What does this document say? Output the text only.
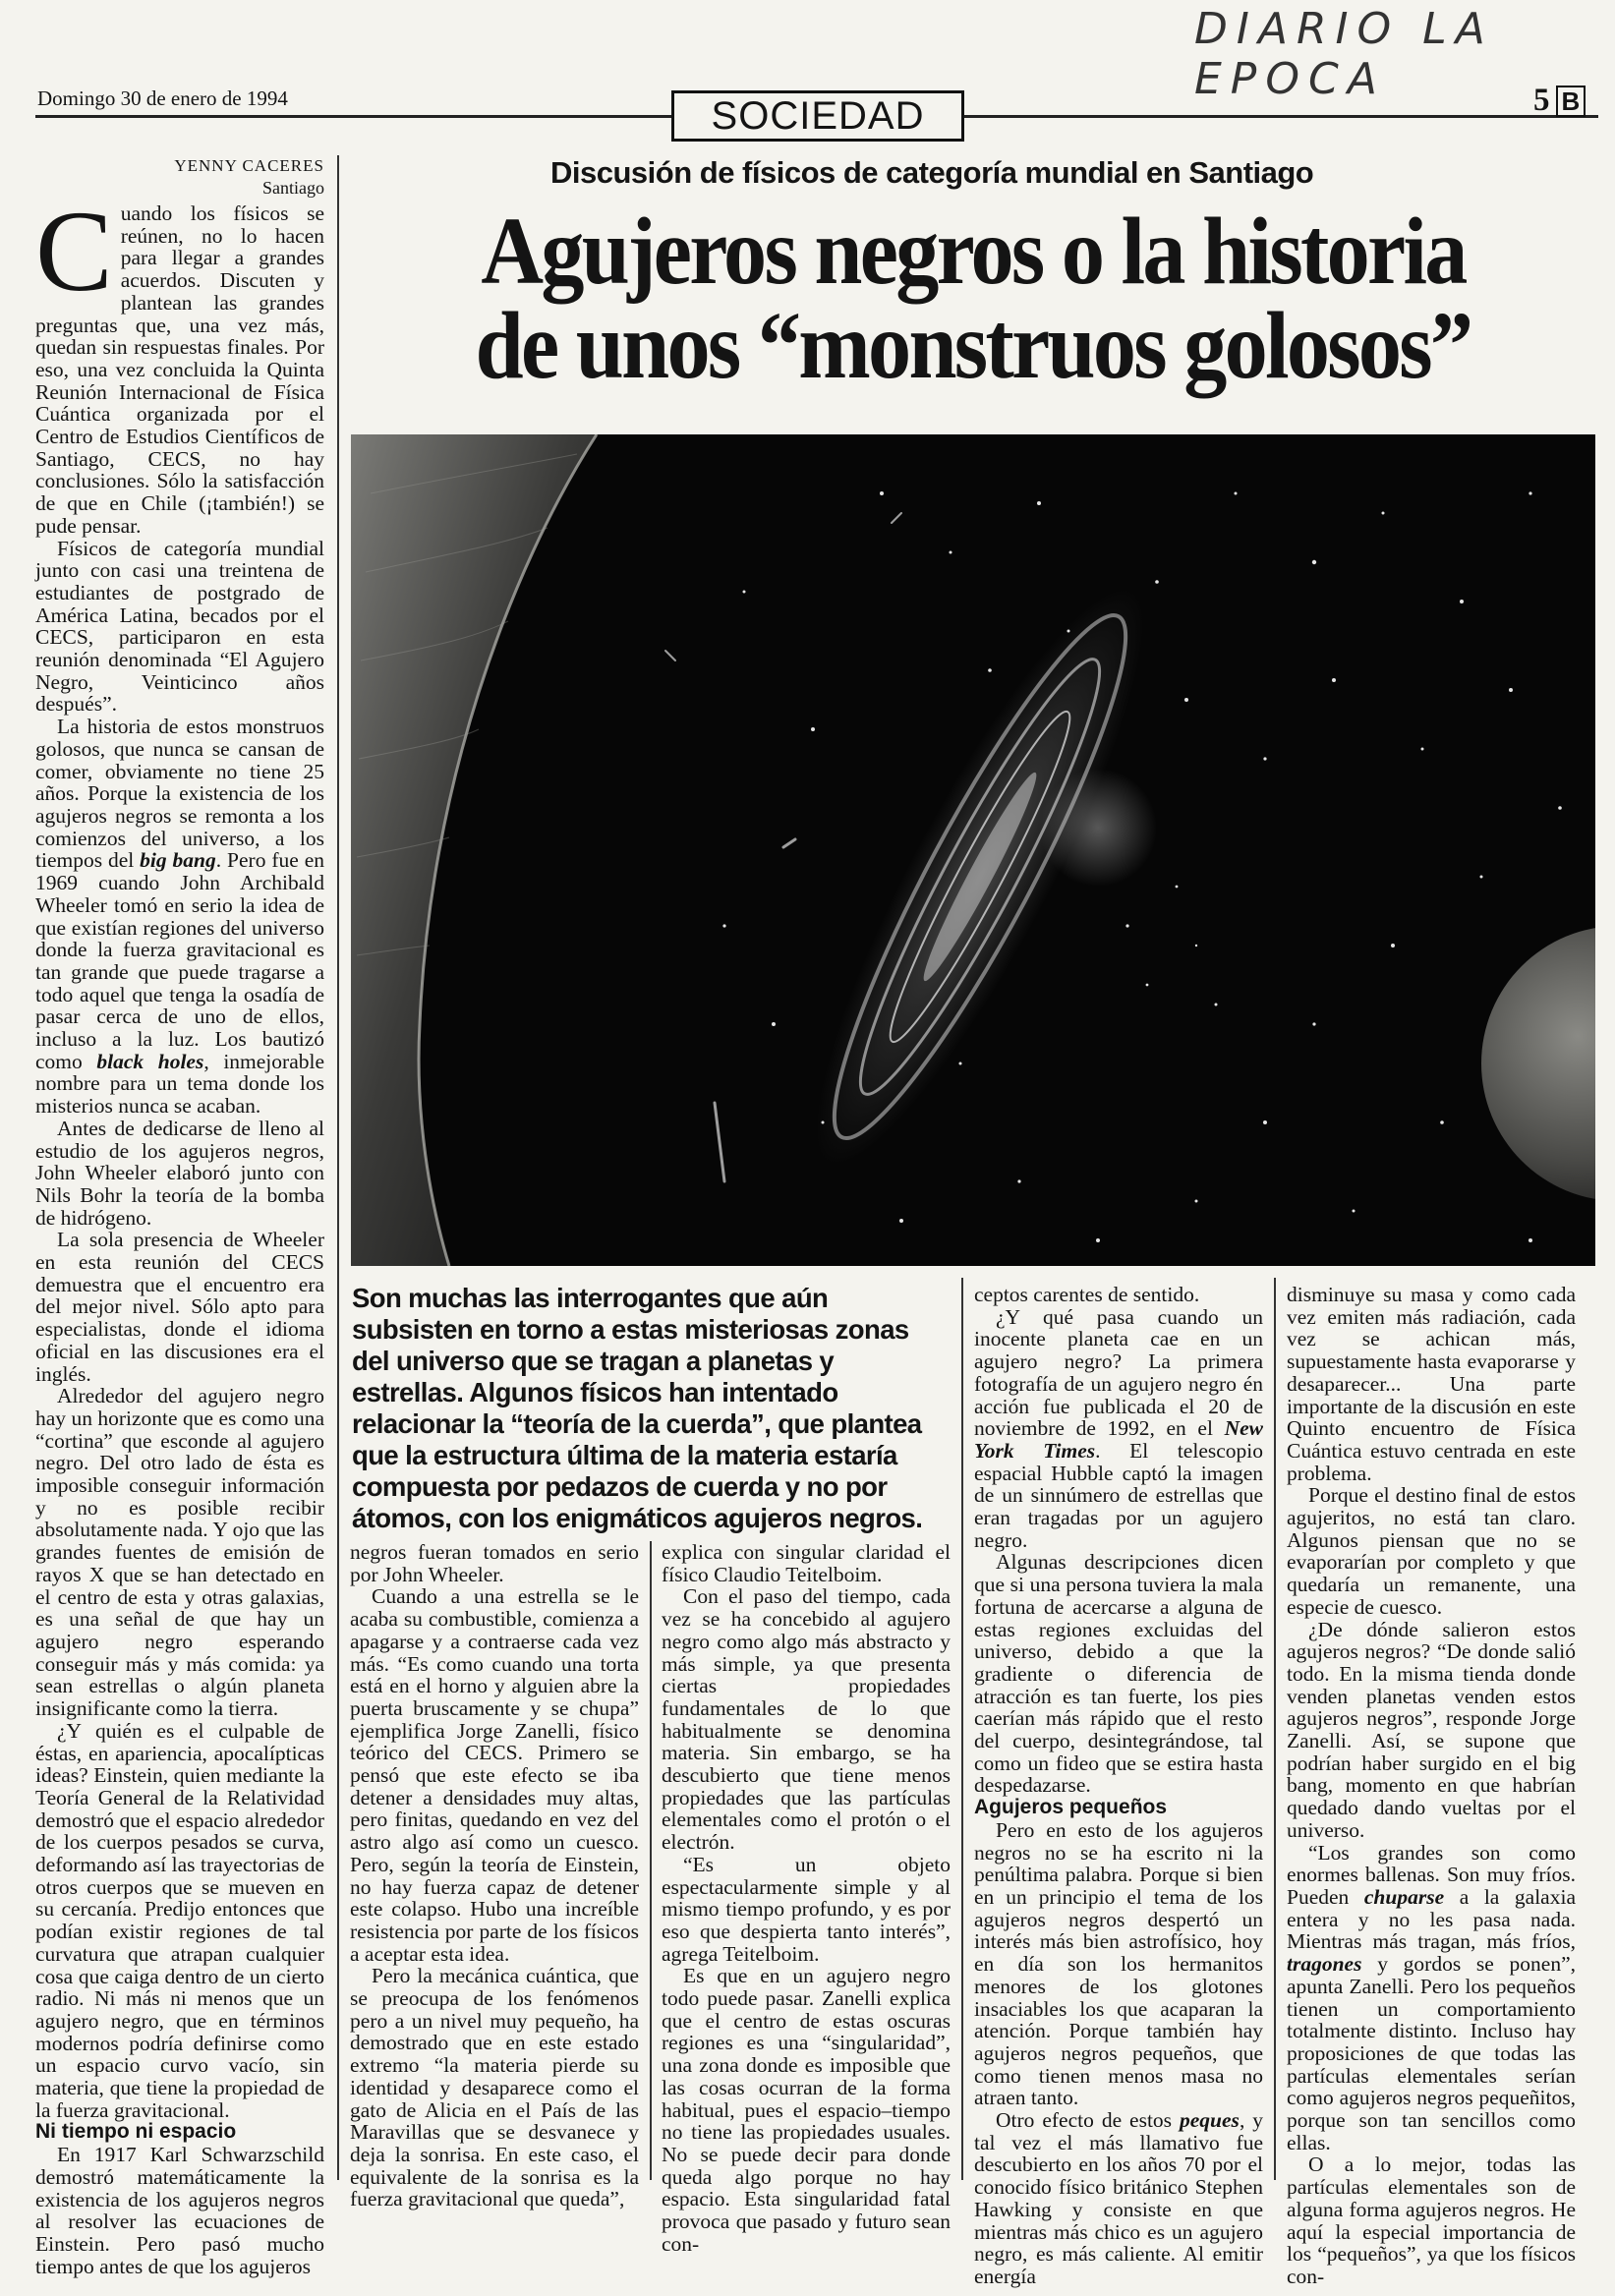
DIARIO LA EPOCA
Domingo 30 de enero de 1994	SOCIEDAD	5 B
YENNY CACERES
Santiago

Cuando los físicos se reúnen, no lo hacen para llegar a grandes acuerdos. Discuten y plantean las grandes preguntas que, una vez más, quedan sin respuestas finales. Por eso, una vez concluida la Quinta Reunión Internacional de Física Cuántica organizada por el Centro de Estudios Científicos de Santiago, CECS, no hay conclusiones. Sólo la satisfacción de que en Chile (¡también!) se pude pensar.

Físicos de categoría mundial junto con casi una treintena de estudiantes de postgrado de América Latina, becados por el CECS, participaron en esta reunión denominada “El Agujero Negro, Veinticinco años después”.

La historia de estos monstruos golosos, que nunca se cansan de comer, obviamente no tiene 25 años. Porque la existencia de los agujeros negros se remonta a los comienzos del universo, a los tiempos del big bang. Pero fue en 1969 cuando John Archibald Wheeler tomó en serio la idea de que existían regiones del universo donde la fuerza gravitacional es tan grande que puede tragarse a todo aquel que tenga la osadía de pasar cerca de uno de ellos, incluso a la luz. Los bautizó como black holes, inmejorable nombre para un tema donde los misterios nunca se acaban.

Antes de dedicarse de lleno al estudio de los agujeros negros, John Wheeler elaboró junto con Nils Bohr la teoría de la bomba de hidrógeno.

La sola presencia de Wheeler en esta reunión del CECS demuestra que el encuentro era del mejor nivel. Sólo apto para especialistas, donde el idioma oficial en las discusiones era el inglés.

Alrededor del agujero negro hay un horizonte que es como una “cortina” que esconde al agujero negro. Del otro lado de ésta es imposible conseguir información y no es posible recibir absolutamente nada. Y ojo que las grandes fuentes de emisión de rayos X que se han detectado en el centro de esta y otras galaxias, es una señal de que hay un agujero negro esperando conseguir más y más comida: ya sean estrellas o algún planeta insignificante como la tierra.

¿Y quién es el culpable de éstas, en apariencia, apocalípticas ideas? Einstein, quien mediante la Teoría General de la Relatividad demostró que el espacio alrededor de los cuerpos pesados se curva, deformando así las trayectorias de otros cuerpos que se mueven en su cercanía. Predijo entonces que podían existir regiones de tal curvatura que atrapan cualquier cosa que caiga dentro de un cierto radio. Ni más ni menos que un agujero negro, que en términos modernos podría definirse como un espacio curvo vacío, sin materia, que tiene la propiedad de la fuerza gravitacional.

Ni tiempo ni espacio

En 1917 Karl Schwarzschild demostró matemáticamente la existencia de los agujeros negros al resolver las ecuaciones de Einstein. Pero pasó mucho tiempo antes de que los agujeros

Discusión de físicos de categoría mundial en Santiago
Agujeros negros o la historia
de unos “monstruos golosos”
Son muchas las interrogantes que aún subsisten en torno a estas misteriosas zonas del universo que se tragan a planetas y estrellas. Algunos físicos han intentado relacionar la “teoría de la cuerda”, que plantea que la estructura última de la materia estaría compuesta por pedazos de cuerda y no por átomos, con los enigmáticos agujeros negros.

negros fueran tomados en serio por John Wheeler.

Cuando a una estrella se le acaba su combustible, comienza a apagarse y a contraerse cada vez más. “Es como cuando una torta está en el horno y alguien abre la puerta bruscamente y se chupa” ejemplifica Jorge Zanelli, físico teórico del CECS. Primero se pensó que este efecto se iba detener a densidades muy altas, pero finitas, quedando en vez del astro algo así como un cuesco. Pero, según la teoría de Einstein, no hay fuerza capaz de detener este colapso. Hubo una increíble resistencia por parte de los físicos a aceptar esta idea.

Pero la mecánica cuántica, que se preocupa de los fenómenos pero a un nivel muy pequeño, ha demostrado que en este estado extremo “la materia pierde su identidad y desaparece como el gato de Alicia en el País de las Maravillas que se desvanece y deja la sonrisa. En este caso, el equivalente de la sonrisa es la fuerza gravitacional que queda”,

explica con singular claridad el físico Claudio Teitelboim.

Con el paso del tiempo, cada vez se ha concebido al agujero negro como algo más abstracto y más simple, ya que presenta ciertas propiedades fundamentales de lo que habitualmente se denomina materia. Sin embargo, se ha descubierto que tiene menos propiedades que las partículas elementales como el protón o el electrón.

“Es un objeto espectacularmente simple y al mismo tiempo profundo, y es por eso que despierta tanto interés”, agrega Teitelboim.

Es que en un agujero negro todo puede pasar. Zanelli explica que el centro de estas oscuras regiones es una “singularidad”, una zona donde es imposible que las cosas ocurran de la forma habitual, pues el espacio–tiempo no tiene las propiedades usuales. No se puede decir para donde queda algo porque no hay espacio. Esta singularidad fatal provoca que pasado y futuro sean con-

ceptos carentes de sentido.

¿Y qué pasa cuando un inocente planeta cae en un agujero negro? La primera fotografía de un agujero negro én acción fue publicada el 20 de noviembre de 1992, en el New York Times. El telescopio espacial Hubble captó la imagen de un sinnúmero de estrellas que eran tragadas por un agujero negro.

Algunas descripciones dicen que si una persona tuviera la mala fortuna de acercarse a alguna de estas regiones excluidas del universo, debido a que la gradiente o diferencia de atracción es tan fuerte, los pies caerían más rápido que el resto del cuerpo, desintegrándose, tal como un fideo que se estira hasta despedazarse.

Agujeros pequeños

Pero en esto de los agujeros negros no se ha escrito ni la penúltima palabra. Porque si bien en un principio el tema de los agujeros negros despertó un interés más bien astrofísico, hoy en día son los hermanitos menores de los glotones insaciables los que acaparan la atención. Porque también hay agujeros negros pequeños, que como tienen menos masa no atraen tanto.

Otro efecto de estos peques, y tal vez el más llamativo fue descubierto en los años 70 por el conocido físico británico Stephen Hawking y consiste en que mientras más chico es un agujero negro, es más caliente. Al emitir energía

disminuye su masa y como cada vez emiten más radiación, cada vez se achican más, supuestamente hasta evaporarse y desaparecer... Una parte importante de la discusión en este Quinto encuentro de Física Cuántica estuvo centrada en este problema.

Porque el destino final de estos agujeritos, no está tan claro. Algunos piensan que no se evaporarían por completo y que quedaría un remanente, una especie de cuesco.

¿De dónde salieron estos agujeros negros? “De donde salió todo. En la misma tienda donde venden planetas venden estos agujeros negros”, responde Jorge Zanelli. Así, se supone que podrían haber surgido en el big bang, momento en que habrían quedado dando vueltas por el universo.

“Los grandes son como enormes ballenas. Son muy fríos. Pueden chuparse a la galaxia entera y no les pasa nada. Mientras más tragan, más fríos, tragones y gordos se ponen”, apunta Zanelli. Pero los pequeños tienen un comportamiento totalmente distinto. Incluso hay proposiciones de que todas las partículas elementales serían como agujeros negros pequeñitos, porque son tan sencillos como ellas.

O a lo mejor, todas las partículas elementales son de alguna forma agujeros negros. He aquí la especial importancia de los “pequeños”, ya que los físicos con-
